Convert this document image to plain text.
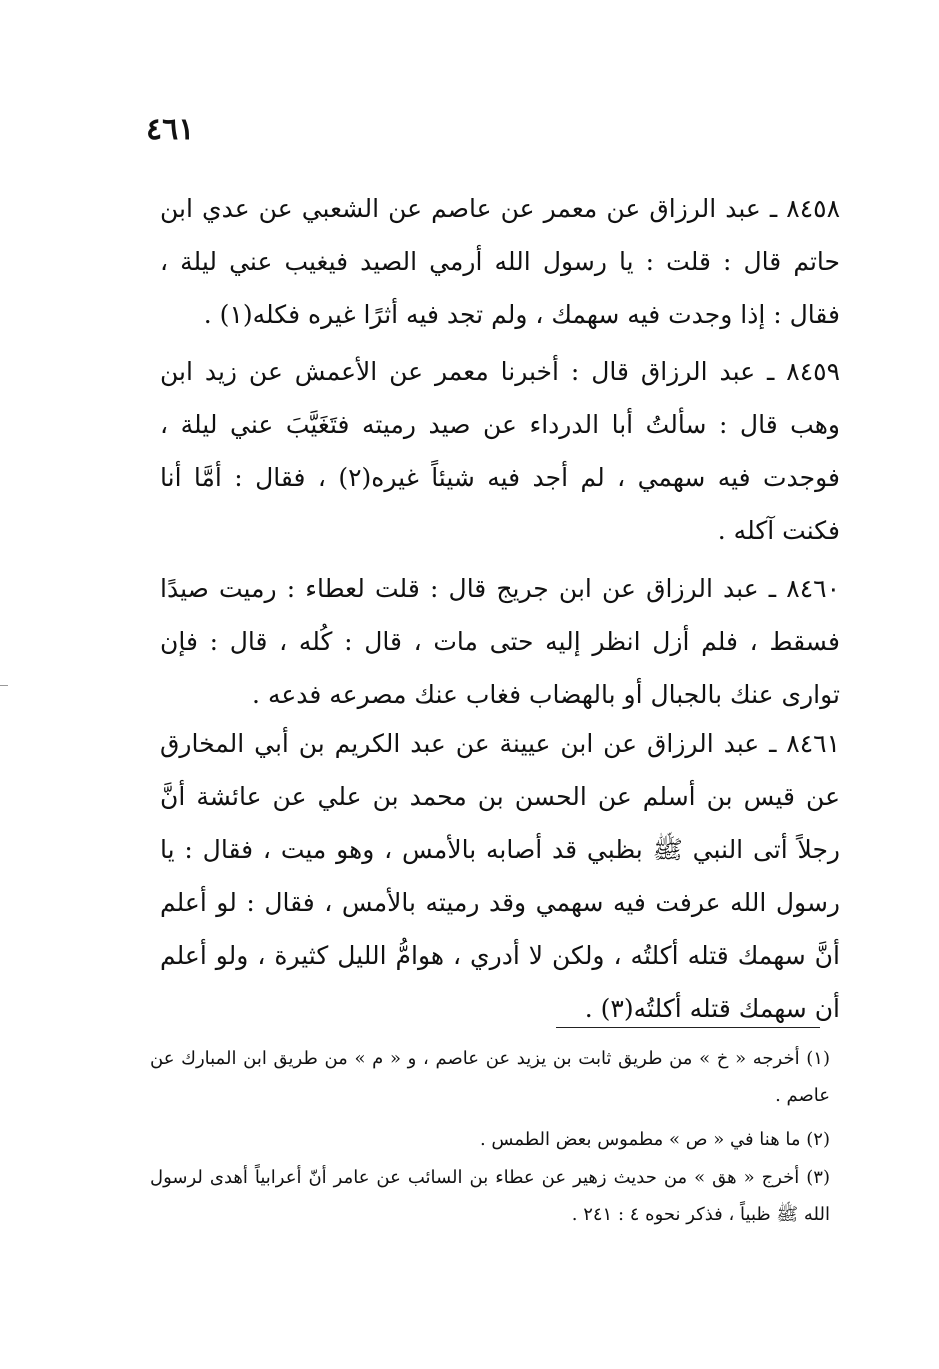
٤٦١

٨٤٥٨ ـ عبد الرزاق عن معمر عن عاصم عن الشعبي عن عدي ابن حاتم قال : قلت : يا رسول الله أرمي الصيد فيغيب عني ليلة ، فقال : إذا وجدت فيه سهمك ، ولم تجد فيه أثرًا غيره فكله(١) .

٨٤٥٩ ـ عبد الرزاق قال : أخبرنا معمر عن الأعمش عن زيد ابن وهب قال : سألتُ أبا الدرداء عن صيد رميته فتَغَيَّبَ عني ليلة ، فوجدت فيه سهمي ، لم أجد فيه شيئاً غيره(٢) ، فقال : أمَّا أنا فكنت آكله .

٨٤٦٠ ـ عبد الرزاق عن ابن جريج قال : قلت لعطاء : رميت صيدًا فسقط ، فلم أزل انظر إليه حتى مات ، قال : كُله ، قال : فإن توارى عنك بالجبال أو بالهضاب فغاب عنك مصرعه فدعه .

٨٤٦١ ـ عبد الرزاق عن ابن عيينة عن عبد الكريم بن أبي المخارق عن قيس بن أسلم عن الحسن بن محمد بن علي عن عائشة أنَّ رجلاً أتى النبي ﷺ بظبي قد أصابه بالأمس ، وهو ميت ، فقال : يا رسول الله عرفت فيه سهمي وقد رميته بالأمس ، فقال : لو أعلم أنَّ سهمك قتله أكلتُه ، ولكن لا أدري ، هوامُّ الليل كثيرة ، ولو أعلم أن سهمك قتله أكلتُه(٣) .

(١) أخرجه « خ » من طريق ثابت بن يزيد عن عاصم ، و « م » من طريق ابن المبارك عن عاصم .

(٢) ما هنا في « ص » مطموس بعض الطمس .

(٣) أخرج « هق » من حديث زهير عن عطاء بن السائب عن عامر أنّ أعرابياً أهدى لرسول الله ﷺ ظبياً ، فذكر نحوه ٤ : ٢٤١ .
